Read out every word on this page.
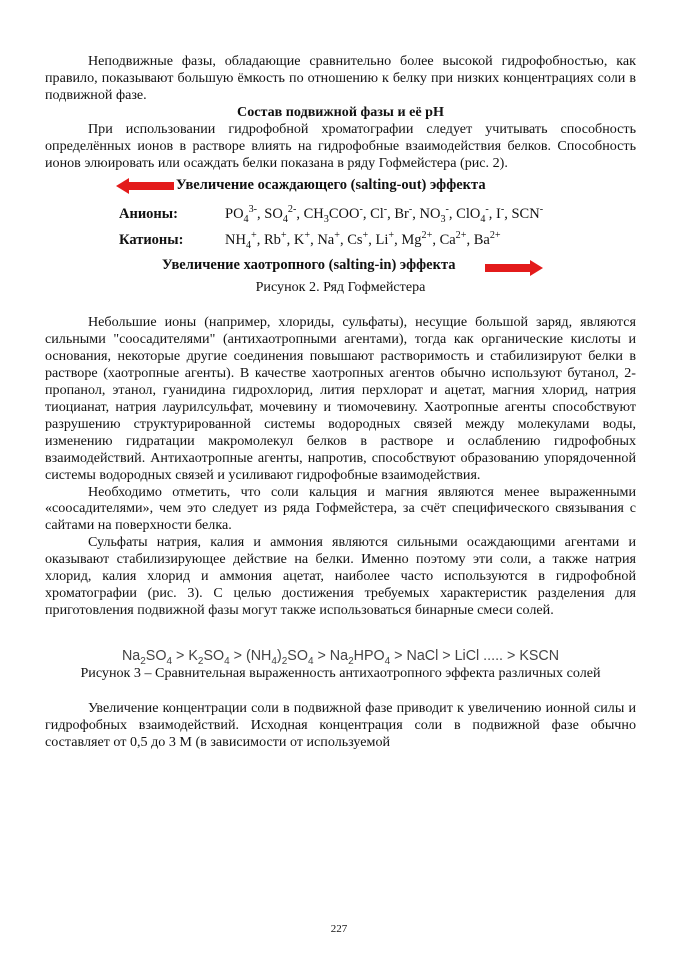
Неподвижные фазы, обладающие сравнительно более высокой гидрофобностью, как правило, показывают большую ёмкость по отношению к белку при низких концентрациях соли в подвижной фазе.

Состав подвижной фазы и её pH

При использовании гидрофобной хроматографии следует учитывать способность определённых ионов в растворе влиять на гидрофобные взаимодействия белков. Способность ионов элюировать или осаждать белки показана в ряду Гофмейстера (рис. 2).

Увеличение осаждающего (salting-out) эффекта
Анионы:	$PO_4^{3-}$, $SO_4^{2-}$, $CH_3COO^-$, Cl-, Br-, $NO_3^-$, ClO$_4$-, I-, SCN-
Катионы:	$NH_4^+$, Rb+, K+, Na+, Cs+, Li+, $Mg^{2+}$, $Ca^{2+}$, $Ba^{2+}$
Увеличение хаотропного (salting-in) эффекта
Рисунок 2. Ряд Гофмейстера

Небольшие ионы (например, хлориды, сульфаты), несущие большой заряд, являются сильными "соосадителями" (антихаотропными агентами), тогда как органические кислоты и основания, некоторые другие соединения повышают растворимость и стабилизируют белки в растворе (хаотропные агенты). В качестве хаотропных агентов обычно используют бутанол, 2-пропанол, этанол, гуанидина гидрохлорид, лития перхлорат и ацетат, магния хлорид, натрия тиоцианат, натрия лаурилсульфат, мочевину и тиомочевину. Хаотропные агенты способствуют разрушению структурированной системы водородных связей между молекулами воды, изменению гидратации макромолекул белков в растворе и ослаблению гидрофобных взаимодействий. Антихаотропные агенты, напротив, способствуют образованию упорядоченной системы водородных связей и усиливают гидрофобные взаимодействия.

Необходимо отметить, что соли кальция и магния являются менее выраженными «соосадителями», чем это следует из ряда Гофмейстера, за счёт специфического связывания с сайтами на поверхности белка.

Сульфаты натрия, калия и аммония являются сильными осаждающими агентами и оказывают стабилизирующее действие на белки. Именно поэтому эти соли, а также натрия хлорид, калия хлорид и аммония ацетат, наиболее часто используются в гидрофобной хроматографии (рис. 3). С целью достижения требуемых характеристик разделения для приготовления подвижной фазы могут также использоваться бинарные смеси солей.

$Na_2SO_4 > K_2SO_4 > (NH_4)_2SO_4 > Na_2HPO_4$ > NaCl > LiCl ..... > KSCN
Рисунок 3 – Сравнительная выраженность антихаотропного эффекта различных солей

Увеличение концентрации соли в подвижной фазе приводит к увеличению ионной силы и гидрофобных взаимодействий. Исходная концентрация соли в подвижной фазе обычно составляет от 0,5 до 3 М (в зависимости от используемой

227
